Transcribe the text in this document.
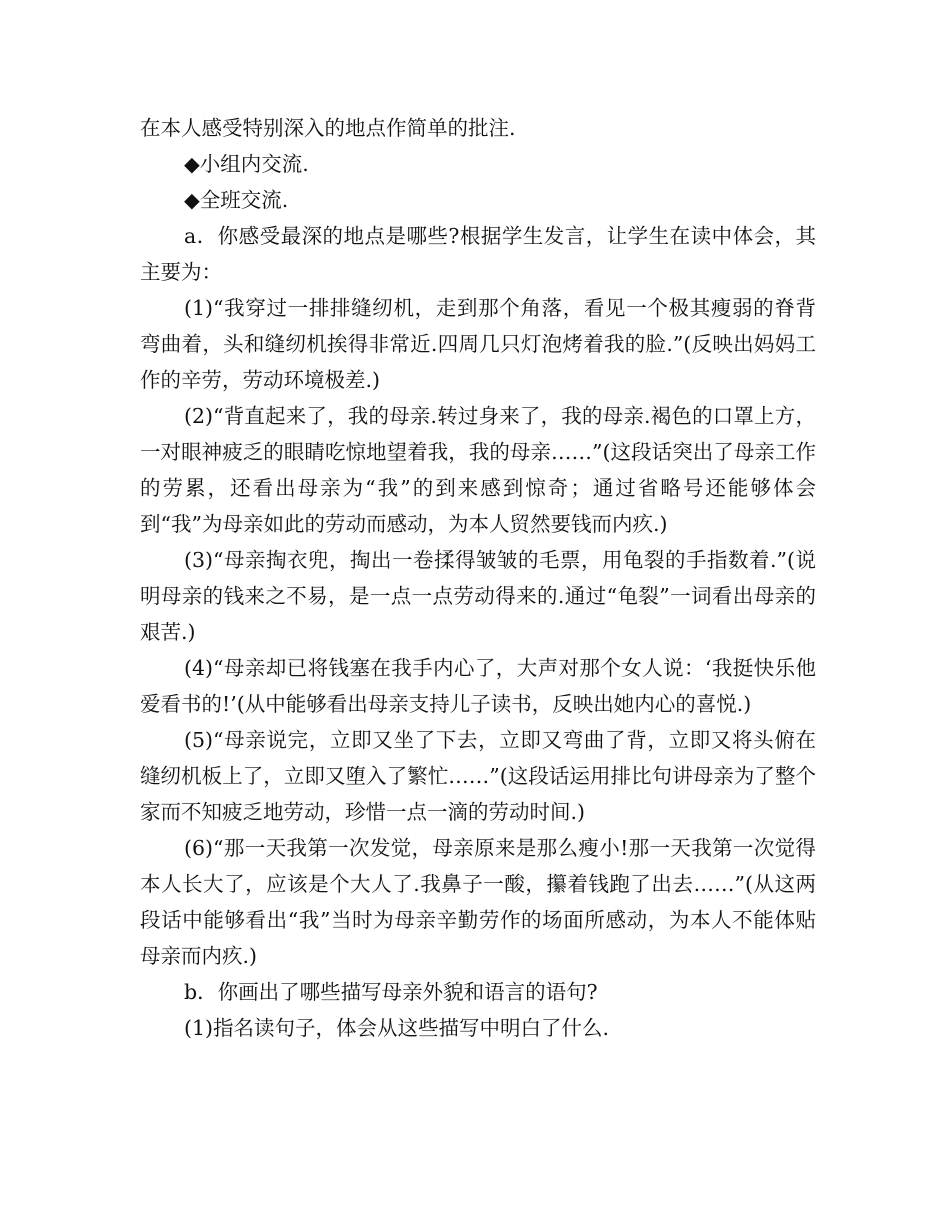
在本人感受特别深入的地点作简单的批注.

◆小组内交流.

◆全班交流.

a．你感受最深的地点是哪些?根据学生发言，让学生在读中体会，其主要为：

(1)“我穿过一排排缝纫机，走到那个角落，看见一个极其瘦弱的脊背弯曲着，头和缝纫机挨得非常近.四周几只灯泡烤着我的脸.”(反映出妈妈工作的辛劳，劳动环境极差.)

(2)“背直起来了，我的母亲.转过身来了，我的母亲.褐色的口罩上方，一对眼神疲乏的眼睛吃惊地望着我，我的母亲……”(这段话突出了母亲工作的劳累，还看出母亲为“我”的到来感到惊奇；通过省略号还能够体会到“我”为母亲如此的劳动而感动，为本人贸然要钱而内疚.)

(3)“母亲掏衣兜，掏出一卷揉得皱皱的毛票，用龟裂的手指数着.”(说明母亲的钱来之不易，是一点一点劳动得来的.通过“龟裂”一词看出母亲的艰苦.)

(4)“母亲却已将钱塞在我手内心了，大声对那个女人说：‘我挺快乐他爱看书的!’(从中能够看出母亲支持儿子读书，反映出她内心的喜悦.)

(5)“母亲说完，立即又坐了下去，立即又弯曲了背，立即又将头俯在缝纫机板上了，立即又堕入了繁忙……”(这段话运用排比句讲母亲为了整个家而不知疲乏地劳动，珍惜一点一滴的劳动时间.)

(6)“那一天我第一次发觉，母亲原来是那么瘦小!那一天我第一次觉得本人长大了，应该是个大人了.我鼻子一酸，攥着钱跑了出去……”(从这两段话中能够看出“我”当时为母亲辛勤劳作的场面所感动，为本人不能体贴母亲而内疚.)

b．你画出了哪些描写母亲外貌和语言的语句?

(1)指名读句子，体会从这些描写中明白了什么.
